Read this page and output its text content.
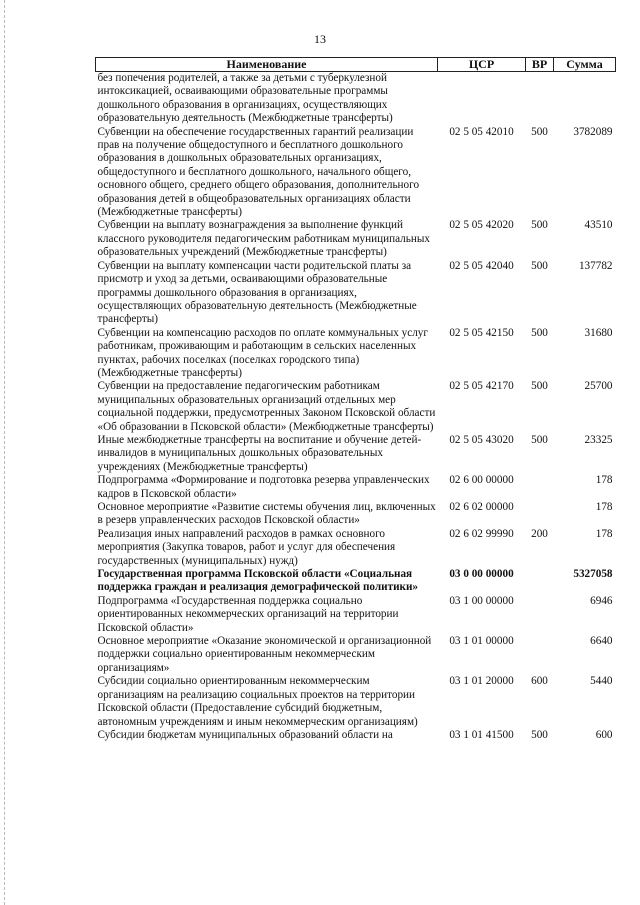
13
Наименование	ЦСР	ВР	Сумма
без попечения родителей, а также за детьми с туберкулезной интоксикацией, осваивающими образовательные программы дошкольного образования в организациях, осуществляющих образовательную деятельность (Межбюджетные трансферты)			
Субвенции на обеспечение государственных гарантий реализации прав на получение общедоступного и бесплатного дошкольного образования в дошкольных образовательных организациях, общедоступного и бесплатного дошкольного, начального общего, основного общего, среднего общего образования, дополнительного образования детей в общеобразовательных организациях области (Межбюджетные трансферты)	02 5 05 42010	500	3782089
Субвенции на выплату вознаграждения за выполнение функций классного руководителя педагогическим работникам муниципальных образовательных учреждений (Межбюджетные трансферты)	02 5 05 42020	500	43510
Субвенции на выплату компенсации части родительской платы за присмотр и уход за детьми, осваивающими образовательные программы дошкольного образования в организациях, осуществляющих образовательную деятельность (Межбюджетные трансферты)	02 5 05 42040	500	137782
Субвенции на компенсацию расходов по оплате коммунальных услуг работникам, проживающим и работающим в сельских населенных пунктах, рабочих поселках (поселках городского типа) (Межбюджетные трансферты)	02 5 05 42150	500	31680
Субвенции на предоставление педагогическим работникам муниципальных образовательных организаций отдельных мер социальной поддержки, предусмотренных Законом Псковской области «Об образовании в Псковской области» (Межбюджетные трансферты)	02 5 05 42170	500	25700
Иные межбюджетные трансферты на воспитание и обучение детей-инвалидов в муниципальных дошкольных образовательных учреждениях (Межбюджетные трансферты)	02 5 05 43020	500	23325
Подпрограмма «Формирование и подготовка резерва управленческих кадров в Псковской области»	02 6 00 00000		178
Основное мероприятие «Развитие системы обучения лиц, включенных в резерв управленческих расходов Псковской области»	02 6 02 00000		178
Реализация иных направлений расходов в рамках основного мероприятия (Закупка товаров, работ и услуг для обеспечения государственных (муниципальных) нужд)	02 6 02 99990	200	178
Государственная программа Псковской области «Социальная поддержка граждан и реализация демографической политики»	03 0 00 00000		5327058
Подпрограмма «Государственная поддержка социально ориентированных некоммерческих организаций на территории Псковской области»	03 1 00 00000		6946
Основное мероприятие «Оказание экономической и организационной поддержки социально ориентированным некоммерческим организациям»	03 1 01 00000		6640
Субсидии социально ориентированным некоммерческим организациям на реализацию социальных проектов на территории Псковской области (Предоставление субсидий бюджетным, автономным учреждениям и иным некоммерческим организациям)	03 1 01 20000	600	5440
Субсидии бюджетам муниципальных образований области на	03 1 01 41500	500	600
